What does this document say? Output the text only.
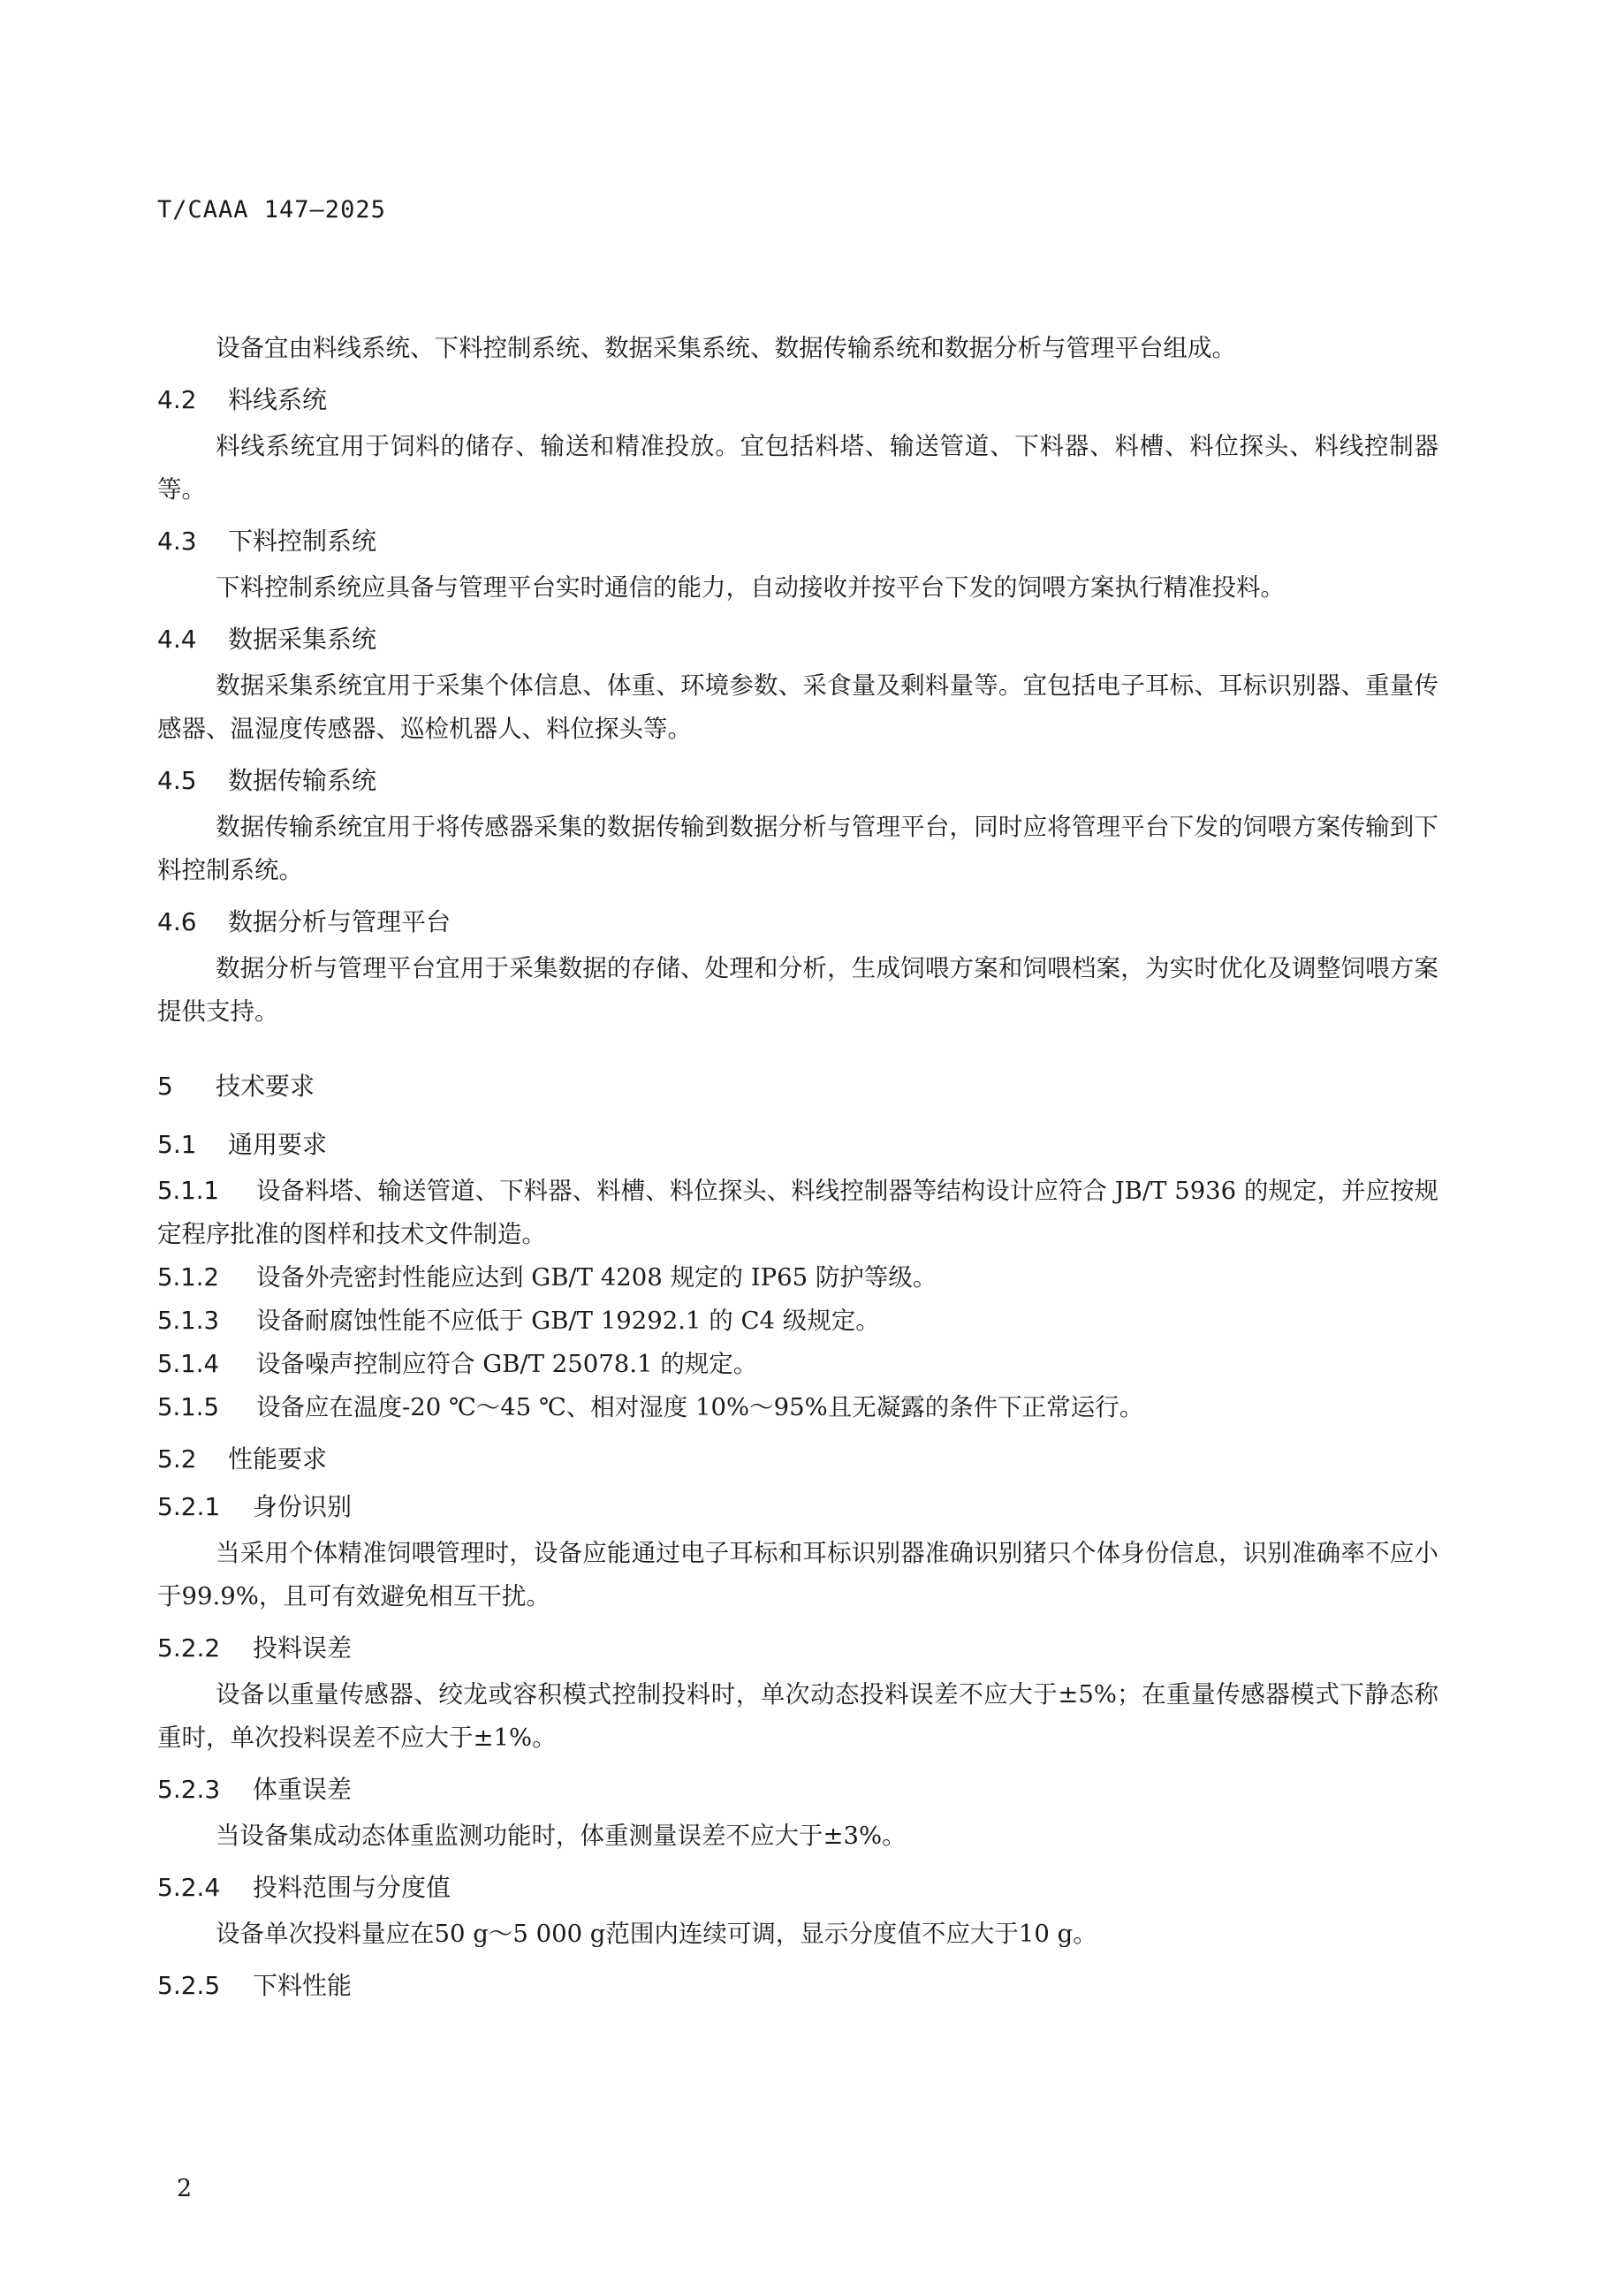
T/CAAA 147—2025

设备宜由料线系统、下料控制系统、数据采集系统、数据传输系统和数据分析与管理平台组成。

4.2	料线系统

料线系统宜用于饲料的储存、输送和精准投放。宜包括料塔、输送管道、下料器、料槽、料位探头、料线控制器等。

4.3	下料控制系统

下料控制系统应具备与管理平台实时通信的能力，自动接收并按平台下发的饲喂方案执行精准投料。

4.4	数据采集系统

数据采集系统宜用于采集个体信息、体重、环境参数、采食量及剩料量等。宜包括电子耳标、耳标识别器、重量传感器、温湿度传感器、巡检机器人、料位探头等。

4.5	数据传输系统

数据传输系统宜用于将传感器采集的数据传输到数据分析与管理平台，同时应将管理平台下发的饲喂方案传输到下料控制系统。

4.6	数据分析与管理平台

数据分析与管理平台宜用于采集数据的存储、处理和分析，生成饲喂方案和饲喂档案，为实时优化及调整饲喂方案提供支持。

5	技术要求
5.1	通用要求

5.1.1 设备料塔、输送管道、下料器、料槽、料位探头、料线控制器等结构设计应符合 JB/T 5936 的规定，并应按规定程序批准的图样和技术文件制造。

5.1.2 设备外壳密封性能应达到 GB/T 4208 规定的 IP65 防护等级。

5.1.3 设备耐腐蚀性能不应低于 GB/T 19292.1 的 C4 级规定。

5.1.4 设备噪声控制应符合 GB/T 25078.1 的规定。

5.1.5 设备应在温度-20 ℃～45 ℃、相对湿度 10%～95%且无凝露的条件下正常运行。

5.2	性能要求
5.2.1	身份识别

当采用个体精准饲喂管理时，设备应能通过电子耳标和耳标识别器准确识别猪只个体身份信息，识别准确率不应小于99.9%，且可有效避免相互干扰。

5.2.2	投料误差

设备以重量传感器、绞龙或容积模式控制投料时，单次动态投料误差不应大于±5%；在重量传感器模式下静态称重时，单次投料误差不应大于±1%。

5.2.3	体重误差

当设备集成动态体重监测功能时，体重测量误差不应大于±3%。

5.2.4	投料范围与分度值

设备单次投料量应在50 g～5 000 g范围内连续可调，显示分度值不应大于10 g。

5.2.5	下料性能
2
